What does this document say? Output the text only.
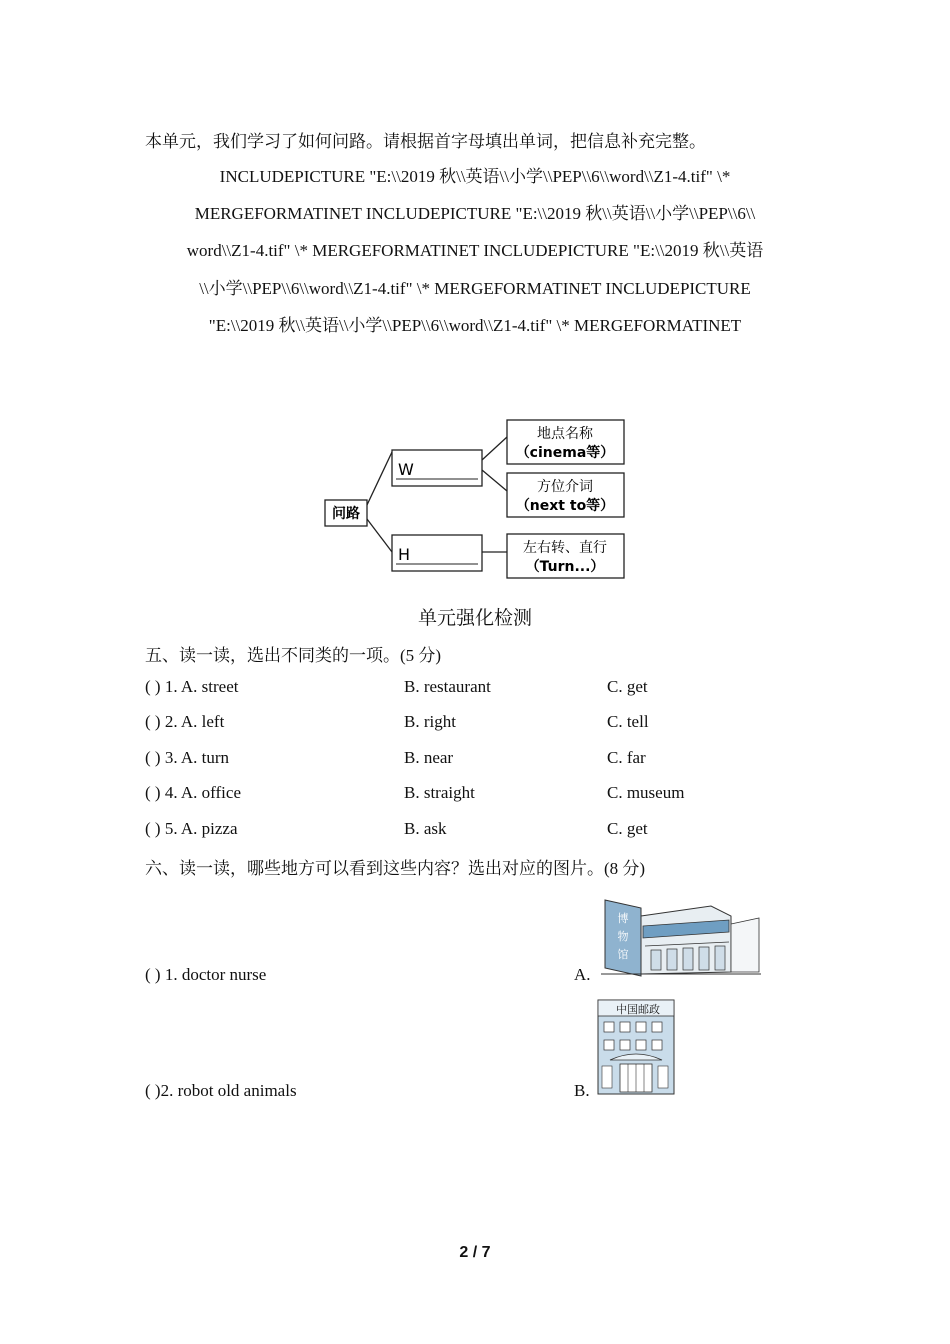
本单元，我们学习了如何问路。请根据首字母填出单词，把信息补充完整。
INCLUDEPICTURE "E:\\2019 秋\\英语\\小学\\PEP\\6\\word\\Z1-4.tif" \*
MERGEFORMATINET INCLUDEPICTURE "E:\\2019 秋\\英语\\小学\\PEP\\6\\
word\\Z1-4.tif" \* MERGEFORMATINET INCLUDEPICTURE "E:\\2019 秋\\英语
\\小学\\PEP\\6\\word\\Z1-4.tif" \* MERGEFORMATINET INCLUDEPICTURE
"E:\\2019 秋\\英语\\小学\\PEP\\6\\word\\Z1-4.tif" \* MERGEFORMATINET
问路
W
H
地点名称
（cinema等）
方位介词
（next to等）
左右转、直行
（Turn...）
单元强化检测
五、读一读，选出不同类的一项。(5 分)
( ) 1. A. street	B. restaurant	C. get
( ) 2. A. left	B. right	C. tell
( ) 3. A. turn	B. near	C. far
( ) 4. A. office	B. straight	C. museum
( ) 5. A. pizza	B. ask	C. get
六、读一读，哪些地方可以看到这些内容？选出对应的图片。(8 分)
( ) 1. doctor nurse	A.
博
物
馆
( )2. robot old animals	B.
中国邮政
2 / 7
